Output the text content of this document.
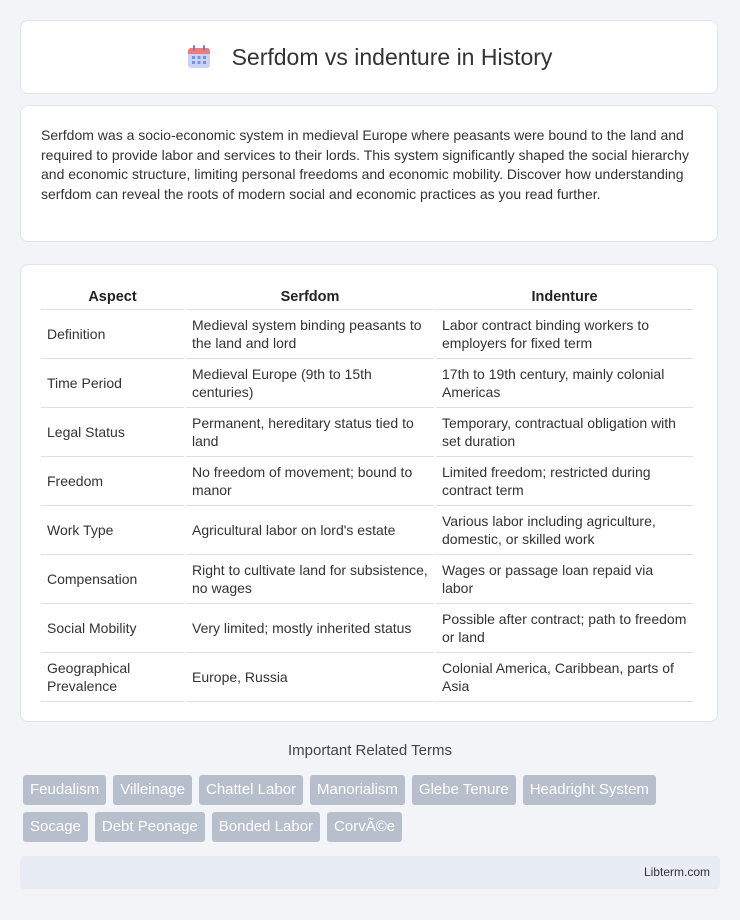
Serfdom vs indenture in History

Serfdom was a socio-economic system in medieval Europe where peasants were bound to the land and required to provide labor and services to their lords. This system significantly shaped the social hierarchy and economic structure, limiting personal freedoms and economic mobility. Discover how understanding serfdom can reveal the roots of modern social and economic practices as you read further.

Aspect	Serfdom	Indenture
Definition	Medieval system binding peasants to the land and lord	Labor contract binding workers to employers for fixed term
Time Period	Medieval Europe (9th to 15th centuries)	17th to 19th century, mainly colonial Americas
Legal Status	Permanent, hereditary status tied to land	Temporary, contractual obligation with set duration
Freedom	No freedom of movement; bound to manor	Limited freedom; restricted during contract term
Work Type	Agricultural labor on lord's estate	Various labor including agriculture, domestic, or skilled work
Compensation	Right to cultivate land for subsistence, no wages	Wages or passage loan repaid via labor
Social Mobility	Very limited; mostly inherited status	Possible after contract; path to freedom or land
Geographical Prevalence	Europe, Russia	Colonial America, Caribbean, parts of Asia
Important Related Terms
Feudalism	Villeinage	Chattel Labor	Manorialism	Glebe Tenure	Headright System
Socage	Debt Peonage	Bonded Labor	CorvÃ©e
Libterm.com
